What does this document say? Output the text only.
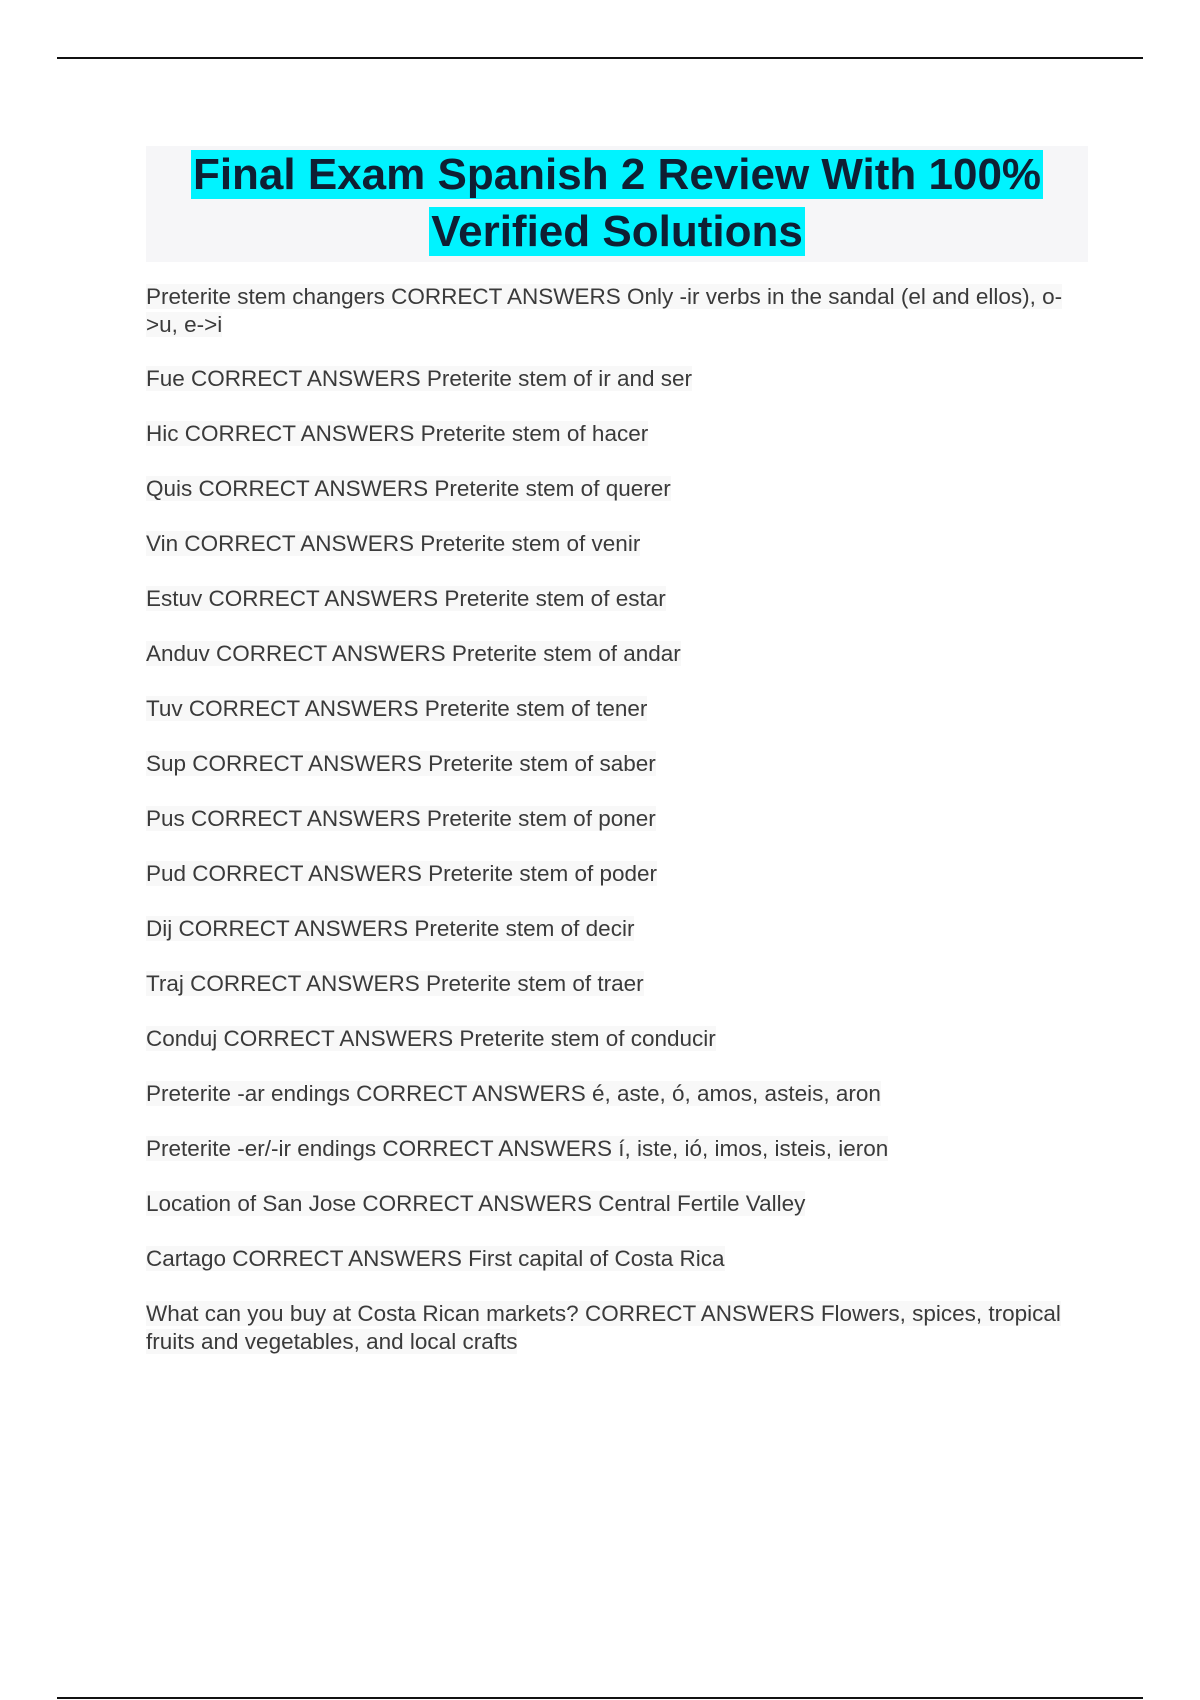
Final Exam Spanish 2 Review With 100%
Verified Solutions
Preterite stem changers CORRECT ANSWERS Only -ir verbs in the sandal (el and ellos), o->u, e->i
Fue CORRECT ANSWERS Preterite stem of ir and ser
Hic CORRECT ANSWERS Preterite stem of hacer
Quis CORRECT ANSWERS Preterite stem of querer
Vin CORRECT ANSWERS Preterite stem of venir
Estuv CORRECT ANSWERS Preterite stem of estar
Anduv CORRECT ANSWERS Preterite stem of andar
Tuv CORRECT ANSWERS Preterite stem of tener
Sup CORRECT ANSWERS Preterite stem of saber
Pus CORRECT ANSWERS Preterite stem of poner
Pud CORRECT ANSWERS Preterite stem of poder
Dij CORRECT ANSWERS Preterite stem of decir
Traj CORRECT ANSWERS Preterite stem of traer
Conduj CORRECT ANSWERS Preterite stem of conducir
Preterite -ar endings CORRECT ANSWERS é, aste, ó, amos, asteis, aron
Preterite -er/-ir endings CORRECT ANSWERS í, iste, ió, imos, isteis, ieron
Location of San Jose CORRECT ANSWERS Central Fertile Valley
Cartago CORRECT ANSWERS First capital of Costa Rica
What can you buy at Costa Rican markets? CORRECT ANSWERS Flowers, spices, tropical fruits and vegetables, and local crafts
